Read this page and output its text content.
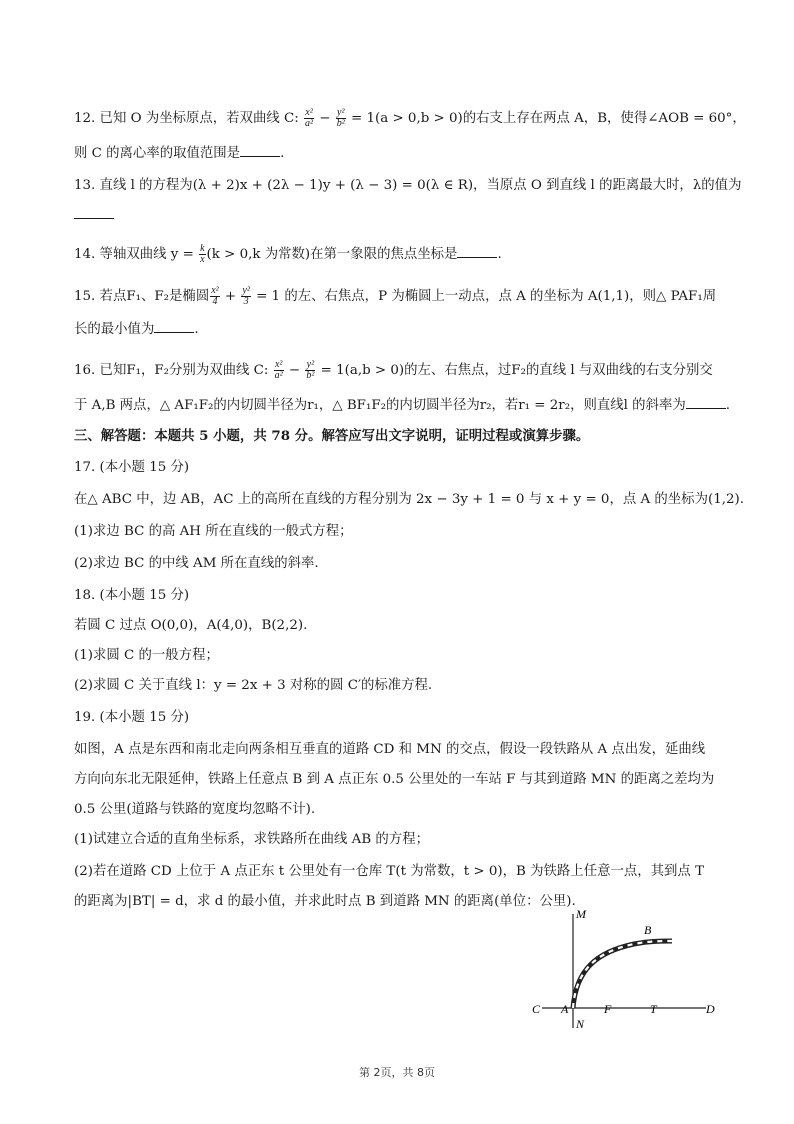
12. 已知 O 为坐标原点，若双曲线 C: $\frac{\text{x²}}{\text{a²}} - \frac{\text{y²}}{\text{b²}} = 1(a > 0,b > 0)$的右支上存在两点 A，B，使得∠AOB = 60°，
则 C 的离心率的取值范围是	.
13. 直线 l 的方程为(λ + 2)x + (2λ − 1)y + (λ − 3) = 0(λ ∈ R)，当原点 O 到直线 l 的距离最大时，λ的值为
14. 等轴双曲线 $y = \frac{k}{x} (k > 0,k$ 为常数)在第一象限的焦点坐标是	.
15. 若点F₁、F₂是椭圆 $\frac{\text{x²}}{4} + \frac{\text{y²}}{3} = 1$ 的左、右焦点，P 为椭圆上一动点，点 A 的坐标为 A(1,1)，则△ PAF₁周
长的最小值为	.
16. 已知F₁，F₂分别为双曲线 C: $\frac{\text{x²}}{\text{a²}} - \frac{\text{y²}}{\text{b²}} = 1(a,b > 0)$的左、右焦点，过F₂的直线 l 与双曲线的右支分别交
于 A,B 两点，△ AF₁F₂的内切圆半径为r₁，△ BF₁F₂的内切圆半径为r₂，若r₁ = 2r₂，则直线l 的斜率为	.
三、解答题：本题共 5 小题，共 78 分。解答应写出文字说明，证明过程或演算步骤。
17. (本小题 15 分)
在△ ABC 中，边 AB，AC 上的高所在直线的方程分别为 2x − 3y + 1 = 0 与 x + y = 0，点 A 的坐标为(1,2).
(1)求边 BC 的高 AH 所在直线的一般式方程；
(2)求边 BC 的中线 AM 所在直线的斜率.
18. (本小题 15 分)
若圆 C 过点 O(0,0)，A(4,0)，B(2,2).
(1)求圆 C 的一般方程；
(2)求圆 C 关于直线 l：y = 2x + 3 对称的圆 C′的标准方程.
19. (本小题 15 分)
如图，A 点是东西和南北走向两条相互垂直的道路 CD 和 MN 的交点，假设一段铁路从 A 点出发，延曲线
方向向东北无限延伸，铁路上任意点 B 到 A 点正东 0.5 公里处的一车站 F 与其到道路 MN 的距离之差均为
0.5 公里(道路与铁路的宽度均忽略不计).
(1)试建立合适的直角坐标系，求铁路所在曲线 AB 的方程；
(2)若在道路 CD 上位于 A 点正东 t 公里处有一仓库 T(t 为常数，t > 0)，B 为铁路上任意一点，其到点 T
的距离为|BT| = d，求 d 的最小值，并求此时点 B 到道路 MN 的距离(单位：公里).
M
N
C A	F	T	D
B
第 2页，共 8页
